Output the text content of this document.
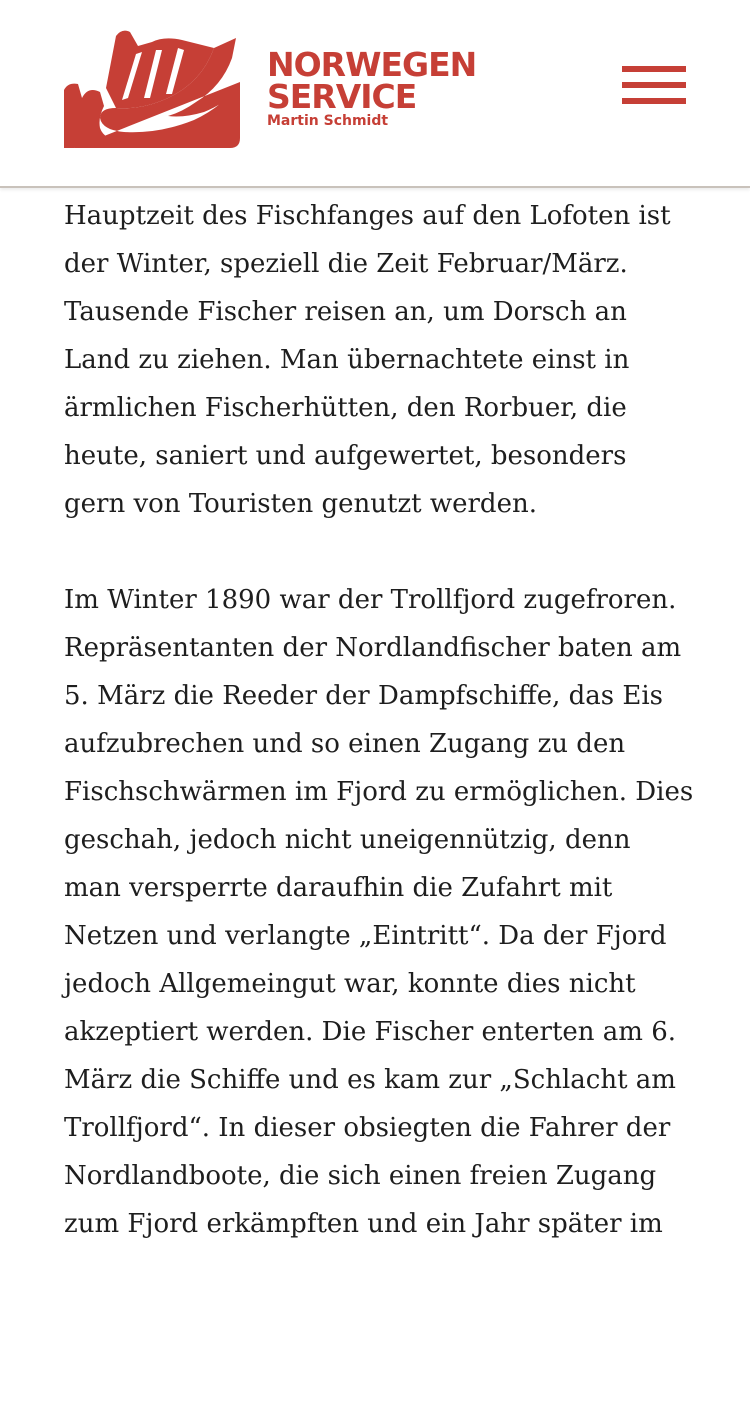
NORWEGEN
SERVICE
Martin Schmidt

Hauptzeit des Fischfanges auf den Lofoten ist der Winter, speziell die Zeit Februar/März. Tausende Fischer reisen an, um Dorsch an Land zu ziehen. Man übernachtete einst in ärmlichen Fischerhütten, den Rorbuer, die heute, saniert und aufgewertet, besonders gern von Touristen genutzt werden.

Im Winter 1890 war der Trollfjord zugefroren. Repräsentanten der Nordlandfischer baten am 5. März die Reeder der Dampfschiffe, das Eis aufzubrechen und so einen Zugang zu den Fischschwärmen im Fjord zu ermöglichen. Dies geschah, jedoch nicht uneigennützig, denn man versperrte daraufhin die Zufahrt mit Netzen und verlangte „Eintritt“. Da der Fjord jedoch Allgemeingut war, konnte dies nicht akzeptiert werden. Die Fischer enterten am 6. März die Schiffe und es kam zur „Schlacht am Trollfjord“. In dieser obsiegten die Fahrer der Nordlandboote, die sich einen freien Zugang zum Fjord erkämpften und ein Jahr später im
